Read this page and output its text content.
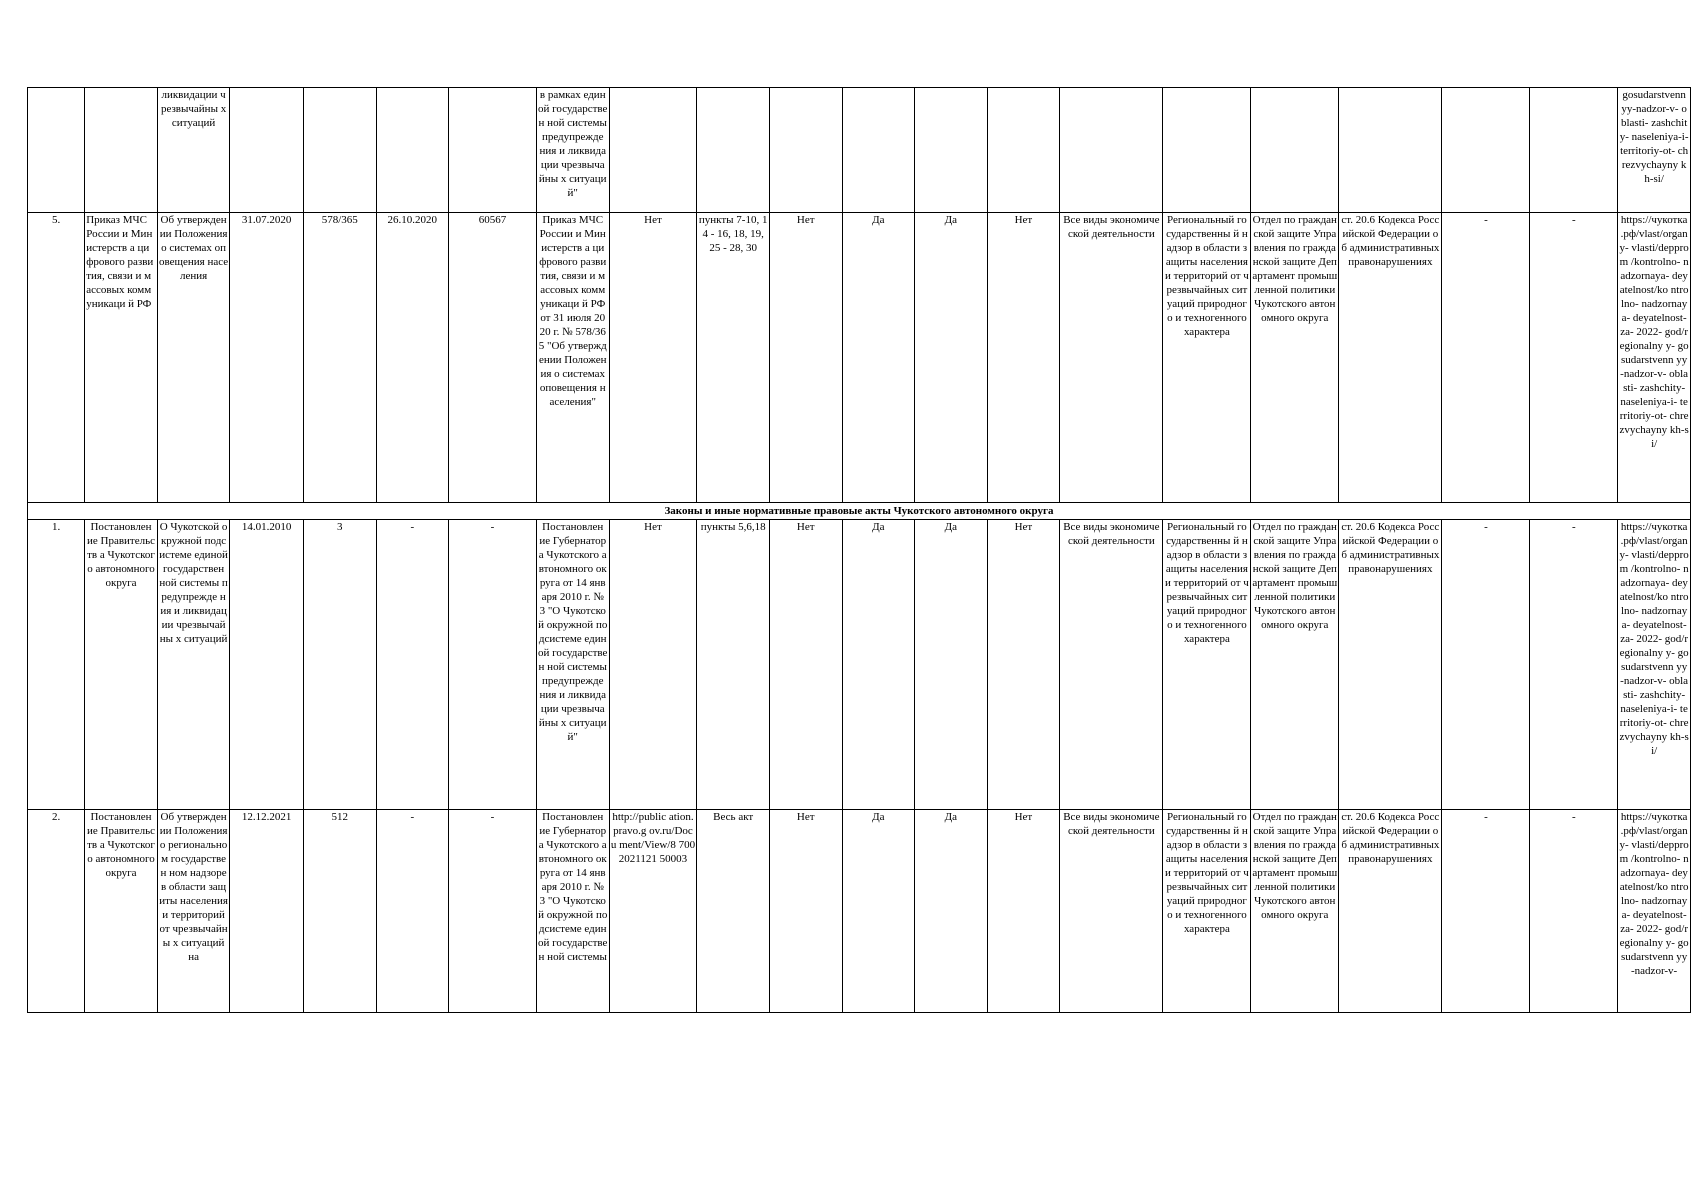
		ликвидации чрезвычайны х ситуаций					в рамках единой государствен ной системы предупрежде ния и ликвидации чрезвычайны х ситуаций"													gosudarstvenn yy-nadzor-v- oblasti- zashchity- naseleniya-i- territoriy-ot- chrezvychayny kh-si/
5.	Приказ МЧС России и Министерств а цифрового развития, связи и массовых коммуникаци й РФ	Об утверждении Положения о системах оповещения населения	31.07.2020	578/365	26.10.2020	60567	Приказ МЧС России и Министерств а цифрового развития, связи и массовых коммуникаци й РФ от 31 июля 2020 г. № 578/365 "Об утверждении Положения о системах оповещения населения"	Нет	пункты 7-10, 14 - 16, 18, 19, 25 - 28, 30	Нет	Да	Да	Нет	Все виды экономической деятельности	Региональный государственны й надзор в области защиты населения и территорий от чрезвычайных ситуаций природного и техногенного характера	Отдел по гражданской защите Управления по гражданской защите Департамент промышленной политики Чукотского автономного округа	ст. 20.6 Кодекса Российской Федерации об административных правонарушениях	-	-	https://чукотка .рф/vlast/organ y- vlasti/depprom /kontrolno- nadzornaya- deyatelnost/ko ntrolno- nadzornaya- deyatelnost-za- 2022- god/regionalny y- gosudarstvenn yy-nadzor-v- oblasti- zashchity- naseleniya-i- territoriy-ot- chrezvychayny kh-si/
Законы и иные нормативные правовые акты Чукотского автономного округа																				
1.	Постановлен ие Правительств а Чукотского автономного округа	О Чукотской окружной подсистеме единой государствен ной системы предупрежде ния и ликвидации чрезвычайны х ситуаций	14.01.2010	3	-	-	Постановлен ие Губернатора Чукотского автономного округа от 14 января 2010 г. № 3 "О Чукотской окружной подсистеме единой государствен ной системы предупрежде ния и ликвидации чрезвычайны х ситуаций"	Нет	пункты 5,6,18	Нет	Да	Да	Нет	Все виды экономической деятельности	Региональный государственны й надзор в области защиты населения и территорий от чрезвычайных ситуаций природного и техногенного характера	Отдел по гражданской защите Управления по гражданской защите Департамент промышленной политики Чукотского автономного округа	ст. 20.6 Кодекса Российской Федерации об административных правонарушениях	-	-	https://чукотка .рф/vlast/organ y- vlasti/depprom /kontrolno- nadzornaya- deyatelnost/ko ntrolno- nadzornaya- deyatelnost-za- 2022- god/regionalny y- gosudarstvenn yy-nadzor-v- oblasti- zashchity- naseleniya-i- territoriy-ot- chrezvychayny kh-si/
2.	Постановлен ие Правительств а Чукотского автономного округа	Об утверждении Положения о регионально м государствен ном надзоре в области защиты населения и территорий от чрезвычайны х ситуаций на	12.12.2021	512	-	-	Постановлен ие Губернатора Чукотского автономного округа от 14 января 2010 г. № 3 "О Чукотской окружной подсистеме единой государствен ной системы	http://public ation.pravo.g ov.ru/Docu ment/View/8 7002021121 50003	Весь акт	Нет	Да	Да	Нет	Все виды экономической деятельности	Региональный государственны й надзор в области защиты населения и территорий от чрезвычайных ситуаций природного и техногенного характера	Отдел по гражданской защите Управления по гражданской защите Департамент промышленной политики Чукотского автономного округа	ст. 20.6 Кодекса Российской Федерации об административных правонарушениях	-	-	https://чукотка .рф/vlast/organ y- vlasti/depprom /kontrolno- nadzornaya- deyatelnost/ko ntrolno- nadzornaya- deyatelnost-za- 2022- god/regionalny y- gosudarstvenn yy-nadzor-v-
